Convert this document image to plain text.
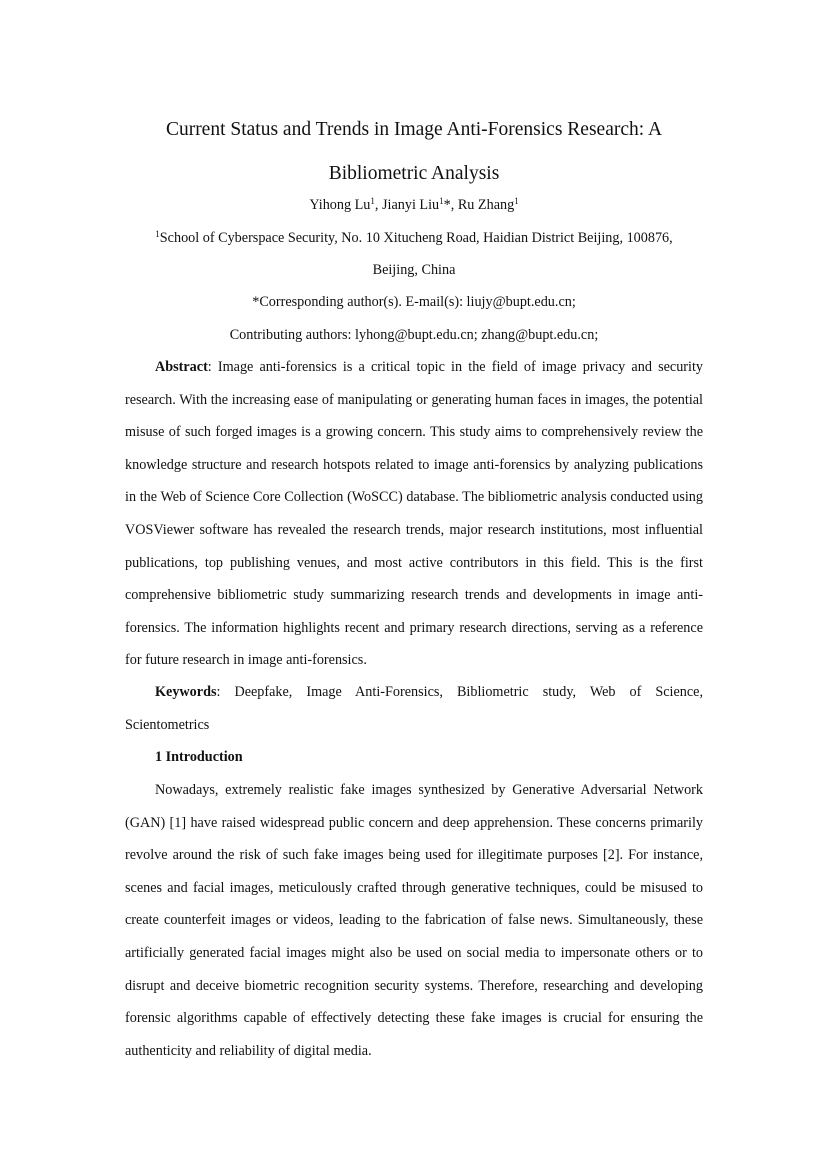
Current Status and Trends in Image Anti-Forensics Research: A
Bibliometric Analysis
Yihong Lu$^1$, Jianyi Liu$^1$*, Ru Zhang$^1$
$^1$School of Cyberspace Security, No. 10 Xitucheng Road, Haidian District Beijing, 100876,
Beijing, China
*Corresponding author(s). E-mail(s): liujy@bupt.edu.cn;
Contributing authors: lyhong@bupt.edu.cn; zhang@bupt.edu.cn;

Abstract: Image anti-forensics is a critical topic in the field of image privacy and security research. With the increasing ease of manipulating or generating human faces in images, the potential misuse of such forged images is a growing concern. This study aims to comprehensively review the knowledge structure and research hotspots related to image anti-forensics by analyzing publications in the Web of Science Core Collection (WoSCC) database. The bibliometric analysis conducted using VOSViewer software has revealed the research trends, major research institutions, most influential publications, top publishing venues, and most active contributors in this field. This is the first comprehensive bibliometric study summarizing research trends and developments in image anti-forensics. The information highlights recent and primary research directions, serving as a reference for future research in image anti-forensics.

Keywords: Deepfake, Image Anti-Forensics, Bibliometric study, Web of Science, Scientometrics

1 Introduction

Nowadays, extremely realistic fake images synthesized by Generative Adversarial Network (GAN) [1] have raised widespread public concern and deep apprehension. These concerns primarily revolve around the risk of such fake images being used for illegitimate purposes [2]. For instance, scenes and facial images, meticulously crafted through generative techniques, could be misused to create counterfeit images or videos, leading to the fabrication of false news. Simultaneously, these artificially generated facial images might also be used on social media to impersonate others or to disrupt and deceive biometric recognition security systems. Therefore, researching and developing forensic algorithms capable of effectively detecting these fake images is crucial for ensuring the authenticity and reliability of digital media.
